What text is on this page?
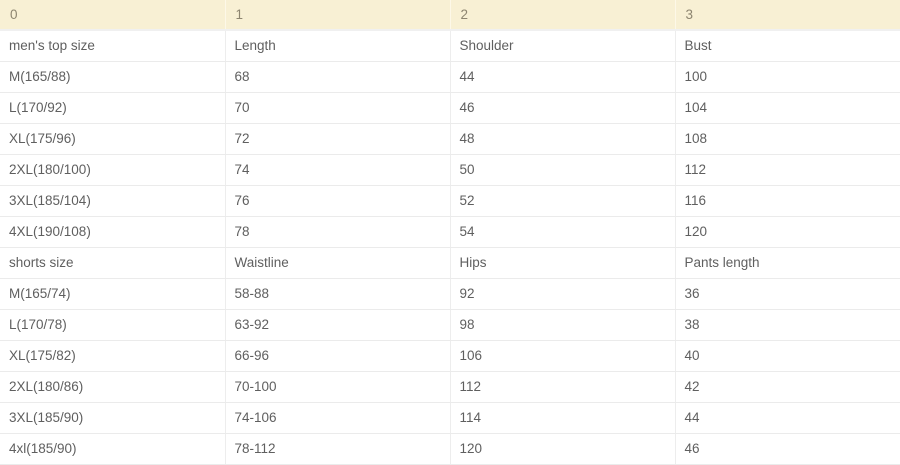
0	1	2	3
men's top size	Length	Shoulder	Bust
M(165/88)	68	44	100
L(170/92)	70	46	104
XL(175/96)	72	48	108
2XL(180/100)	74	50	112
3XL(185/104)	76	52	116
4XL(190/108)	78	54	120
shorts size	Waistline	Hips	Pants length
M(165/74)	58-88	92	36
L(170/78)	63-92	98	38
XL(175/82)	66-96	106	40
2XL(180/86)	70-100	112	42
3XL(185/90)	74-106	114	44
4xl(185/90)	78-112	120	46
